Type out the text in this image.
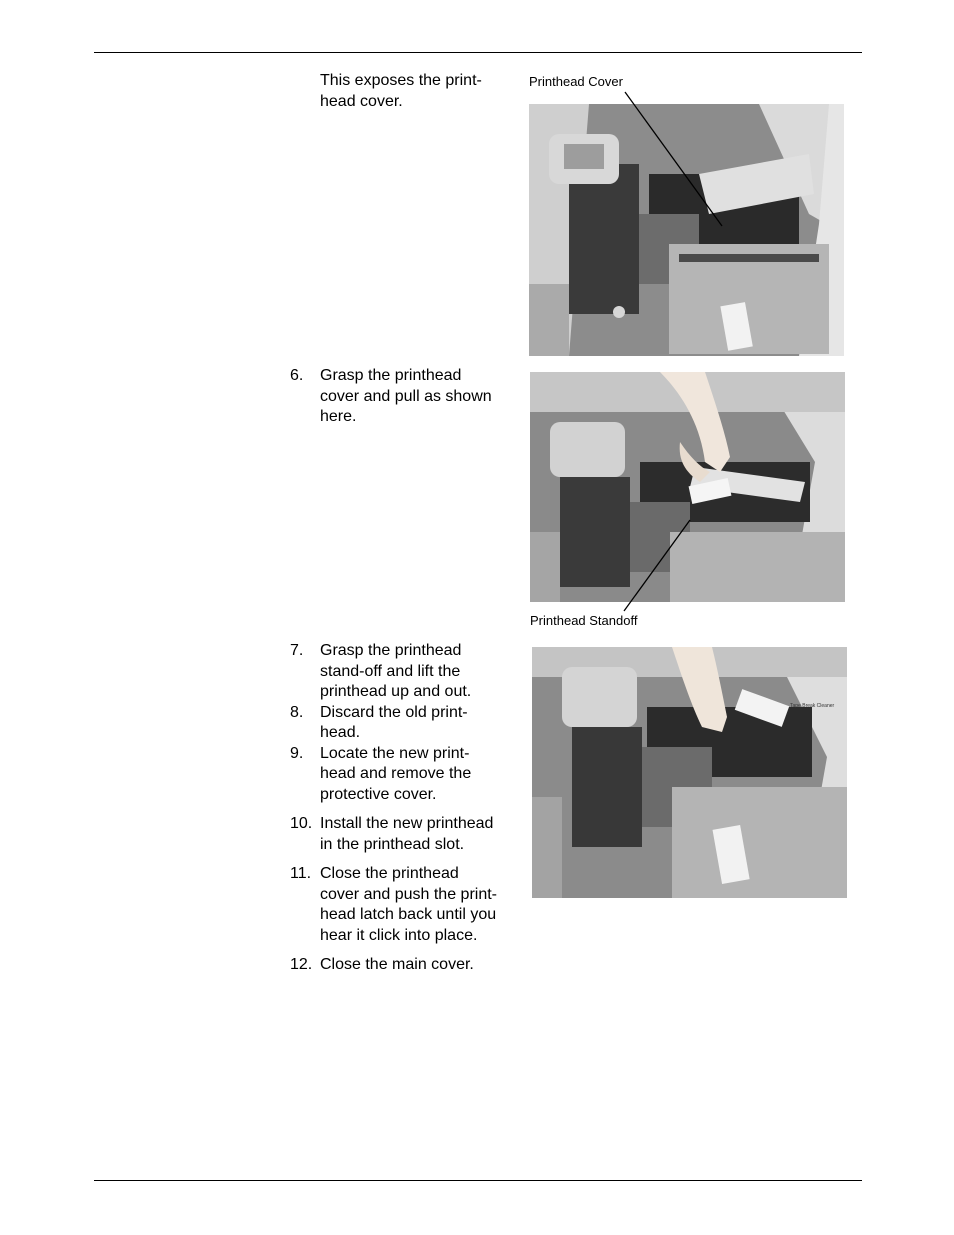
This exposes the print-
head cover.
Printhead Cover
6.	Grasp the printhead
cover and pull as shown
here.
Printhead Standoff
7.	Grasp the printhead
stand-off and lift the
printhead up and out.
8.	Discard the old print-
head.
9.	Locate the new print-
head and remove the
protective cover.
10. Install the new printhead
in the printhead slot.
11. Close the printhead
cover and push the print-
head latch back until you
hear it click into place.
12. Close the main cover.
Tape Break Cleaner
